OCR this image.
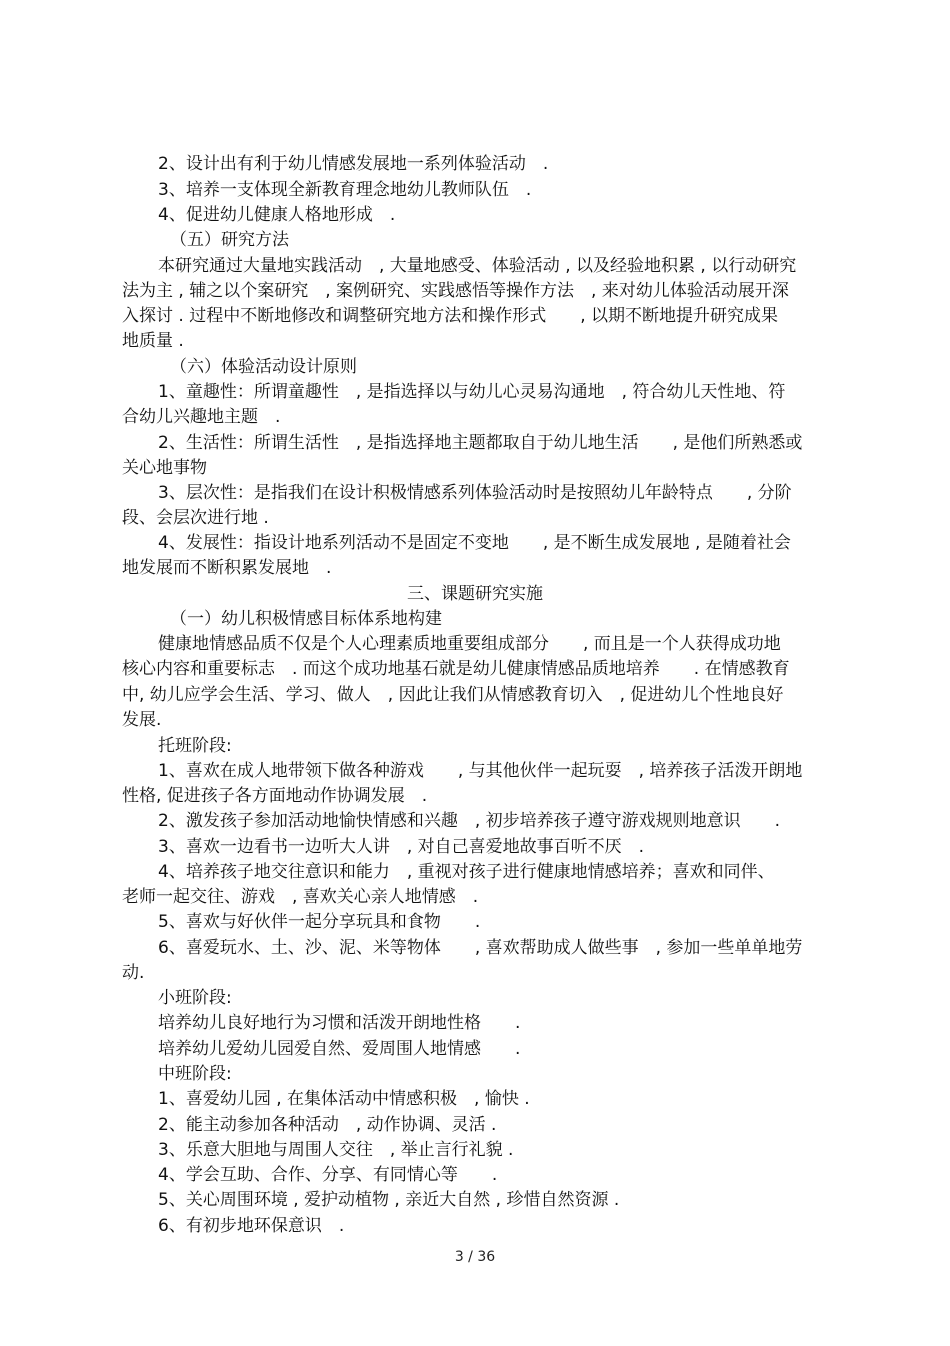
2、设计出有利于幼儿情感发展地一系列体验活动　.
3、培养一支体现全新教育理念地幼儿教师队伍　.
4、促进幼儿健康人格地形成　.
（五）研究方法
本研究通过大量地实践活动　, 大量地感受、体验活动 , 以及经验地积累 , 以行动研究
法为主 , 辅之以个案研究　, 案例研究、实践感悟等操作方法　, 来对幼儿体验活动展开深
入探讨 . 过程中不断地修改和调整研究地方法和操作形式　　, 以期不断地提升研究成果
地质量 .
（六）体验活动设计原则
1、童趣性：所谓童趣性　, 是指选择以与幼儿心灵易沟通地　, 符合幼儿天性地、符
合幼儿兴趣地主题　.
2、生活性：所谓生活性　, 是指选择地主题都取自于幼儿地生活　　, 是他们所熟悉或
关心地事物
3、层次性：是指我们在设计积极情感系列体验活动时是按照幼儿年龄特点　　, 分阶
段、会层次进行地 .
4、发展性：指设计地系列活动不是固定不变地　　, 是不断生成发展地 , 是随着社会
地发展而不断积累发展地　.
三、课题研究实施
（一）幼儿积极情感目标体系地构建
健康地情感品质不仅是个人心理素质地重要组成部分　　, 而且是一个人获得成功地
核心内容和重要标志　. 而这个成功地基石就是幼儿健康情感品质地培养　　. 在情感教育
中, 幼儿应学会生活、学习、做人　, 因此让我们从情感教育切入　, 促进幼儿个性地良好
发展.
托班阶段:
1、喜欢在成人地带领下做各种游戏　　, 与其他伙伴一起玩耍　, 培养孩子活泼开朗地
性格, 促进孩子各方面地动作协调发展　.
2、激发孩子参加活动地愉快情感和兴趣　, 初步培养孩子遵守游戏规则地意识　　.
3、喜欢一边看书一边听大人讲　, 对自己喜爱地故事百听不厌　.
4、培养孩子地交往意识和能力　, 重视对孩子进行健康地情感培养；喜欢和同伴、
老师一起交往、游戏　, 喜欢关心亲人地情感　.
5、喜欢与好伙伴一起分享玩具和食物　　.
6、喜爱玩水、土、沙、泥、米等物体　　, 喜欢帮助成人做些事　, 参加一些单单地劳
动.
小班阶段:
培养幼儿良好地行为习惯和活泼开朗地性格　　.
培养幼儿爱幼儿园爱自然、爱周围人地情感　　.
中班阶段:
1、喜爱幼儿园 , 在集体活动中情感积极　, 愉快 .
2、能主动参加各种活动　, 动作协调、灵活 .
3、乐意大胆地与周围人交往　, 举止言行礼貌 .
4、学会互助、合作、分享、有同情心等　　.
5、关心周围环境 , 爱护动植物 , 亲近大自然 , 珍惜自然资源 .
6、有初步地环保意识　.
3 / 36
